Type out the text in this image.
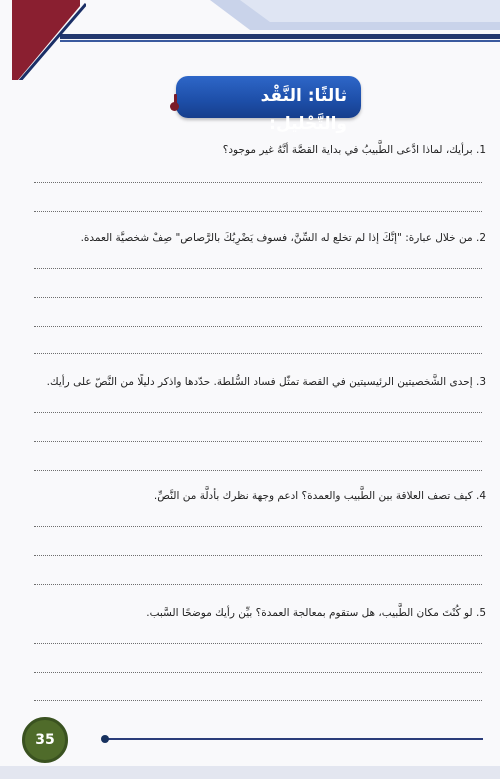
ثالثًا: النَّقْد والتَّحْليل:
1. برأيك، لماذا ادَّعى الطَّبيبُ في بداية القصَّة أنَّهُ غير موجود؟
2. من خلال عبارة: "إنَّكَ إذا لم تخلع له السِّنَّ، فسوف يَضْرِبُكَ بالرَّصاص" صِفْ شخصيَّة العمدة.
3. إحدى الشَّخصيتين الرئيسيتين في القصة تمثّل فساد السُّلطة. حدّدها واذكر دليلًا من النَّصّ على رأيك.
4. كيف تصف العلاقة بين الطَّبيب والعمدة؟ ادعم وجهة نظرك بأدلَّة من النَّصِّ.
5. لو كُنْتَ مكان الطَّبيب، هل ستقوم بمعالجة العمدة؟ بيِّن رأيك موضحًا السَّبب.
35
